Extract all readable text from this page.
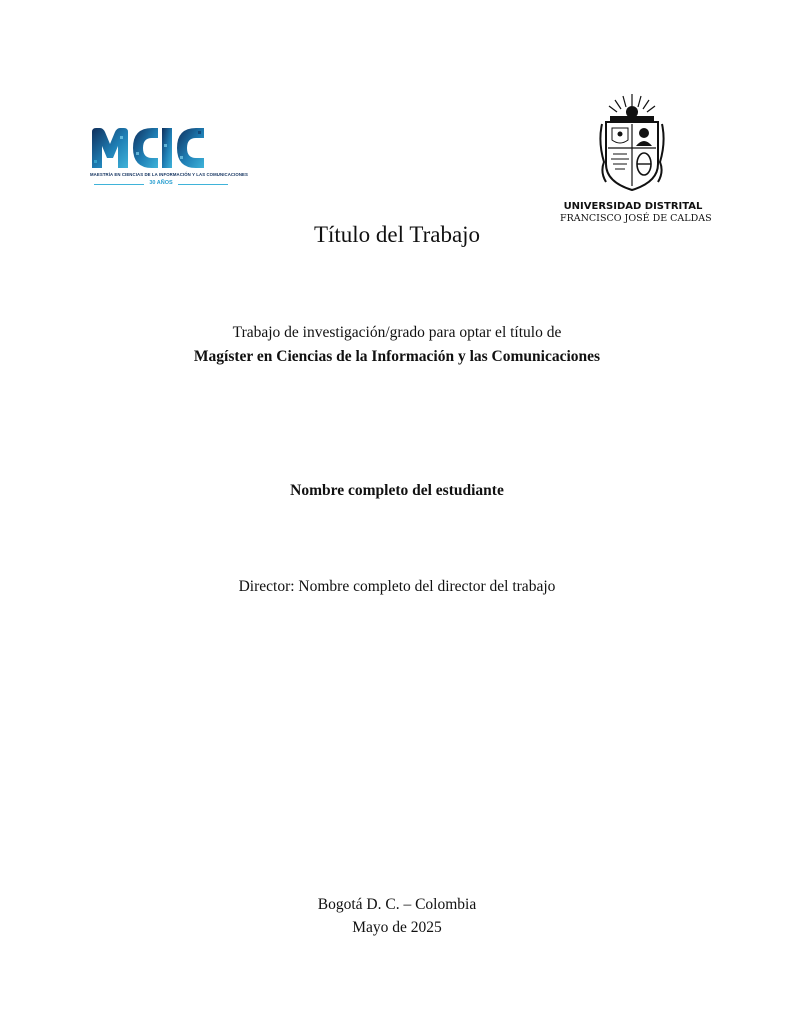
MAESTRÍA EN CIENCIAS DE LA INFORMACIÓN Y LAS COMUNICACIONES
30 AÑOS
UNIVERSIDAD DISTRITAL
FRANCISCO JOSÉ DE CALDAS
Título del Trabajo
Trabajo de investigación/grado para optar el título de
Magíster en Ciencias de la Información y las Comunicaciones
Nombre completo del estudiante
Director: Nombre completo del director del trabajo
Bogotá D. C. – Colombia
Mayo de 2025
